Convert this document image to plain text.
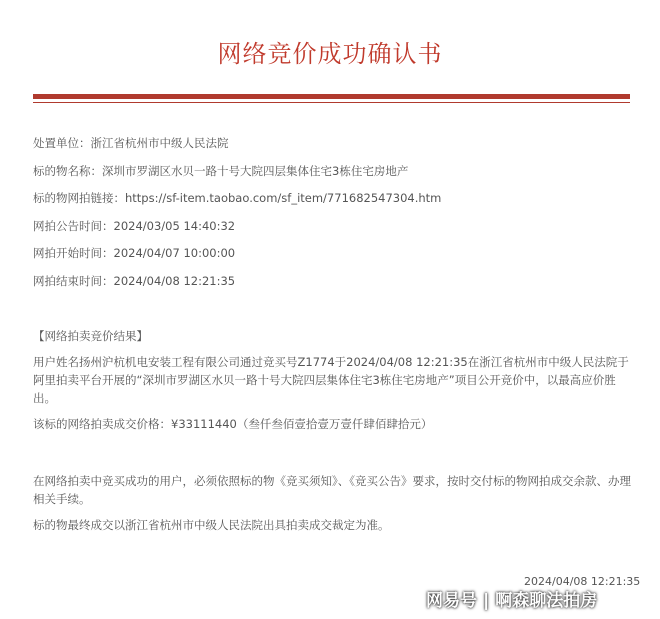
网络竞价成功确认书
处置单位：浙江省杭州市中级人民法院
标的物名称：深圳市罗湖区水贝一路十号大院四层集体住宅3栋住宅房地产
标的物网拍链接：https://sf-item.taobao.com/sf_item/771682547304.htm
网拍公告时间：2024/03/05 14:40:32
网拍开始时间：2024/04/07 10:00:00
网拍结束时间：2024/04/08 12:21:35

【网络拍卖竞价结果】

用户姓名扬州沪杭机电安装工程有限公司通过竞买号Z1774于2024/04/08 12:21:35在浙江省杭州市中级人民法院于阿里拍卖平台开展的“深圳市罗湖区水贝一路十号大院四层集体住宅3栋住宅房地产”项目公开竞价中，以最高应价胜出。

该标的网络拍卖成交价格：¥33111440（叁仟叁佰壹拾壹万壹仟肆佰肆拾元）

在网络拍卖中竞买成功的用户，必须依照标的物《竞买须知》、《竞买公告》要求，按时交付标的物网拍成交余款、办理相关手续。

标的物最终成交以浙江省杭州市中级人民法院出具拍卖成交裁定为准。

2024/04/08 12:21:35
网易号 | 啊森聊法拍房
